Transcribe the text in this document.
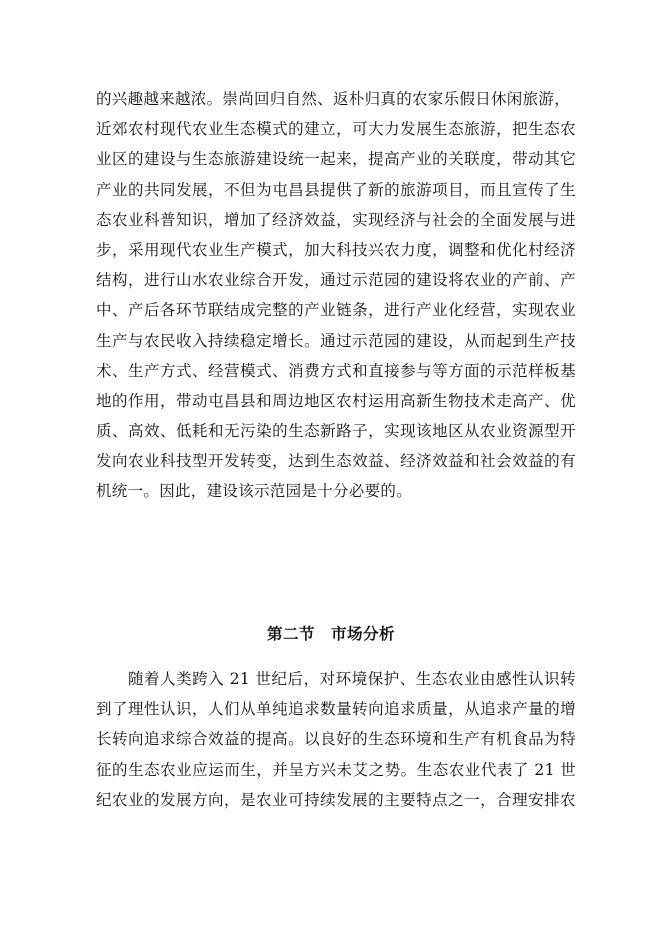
的兴趣越来越浓。崇尚回归自然、返朴归真的农家乐假日休闲旅游，
近郊农村现代农业生态模式的建立，可大力发展生态旅游，把生态农
业区的建设与生态旅游建设统一起来，提高产业的关联度，带动其它
产业的共同发展，不但为屯昌县提供了新的旅游项目，而且宣传了生
态农业科普知识，增加了经济效益，实现经济与社会的全面发展与进
步，采用现代农业生产模式，加大科技兴农力度，调整和优化村经济
结构，进行山水农业综合开发，通过示范园的建设将农业的产前、产
中、产后各环节联结成完整的产业链条，进行产业化经营，实现农业
生产与农民收入持续稳定增长。通过示范园的建设，从而起到生产技
术、生产方式、经营模式、消费方式和直接参与等方面的示范样板基
地的作用，带动屯昌县和周边地区农村运用高新生物技术走高产、优
质、高效、低耗和无污染的生态新路子，实现该地区从农业资源型开
发向农业科技型开发转变，达到生态效益、经济效益和社会效益的有
机统一。因此，建设该示范园是十分必要的。
第二节　市场分析
随着人类跨入 21 世纪后，对环境保护、生态农业由感性认识转
到了理性认识，人们从单纯追求数量转向追求质量，从追求产量的增
长转向追求综合效益的提高。以良好的生态环境和生产有机食品为特
征的生态农业应运而生，并呈方兴未艾之势。生态农业代表了 21 世
纪农业的发展方向，是农业可持续发展的主要特点之一，合理安排农
